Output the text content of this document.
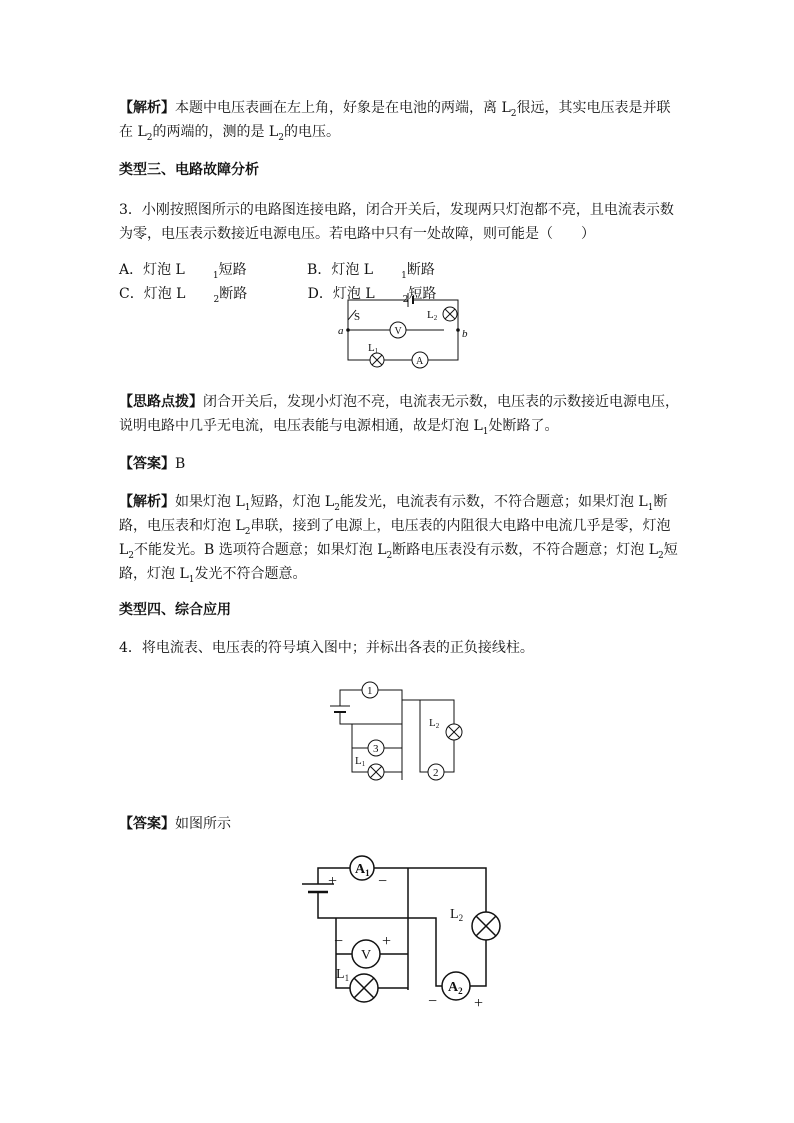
【解析】本题中电压表画在左上角，好象是在电池的两端，离 $L_2$很远，其实电压表是并联在 $L_2$的两端的，测的是 $L_2$的电压。

类型三、电路故障分析

3．小刚按照图所示的电路图连接电路，闭合开关后，发现两只灯泡都不亮，且电流表示数为零，电压表示数接近电源电压。若电路中只有一处故障，则可能是（　　）

A．灯泡 L	$_1$短路	B．灯泡 L	$_1$断路 C．灯泡 L	$_2$断路	D．灯泡 L	$_2$短路

S
V
A
L2
L1
a	b

【思路点拨】闭合开关后，发现小灯泡不亮，电流表无示数，电压表的示数接近电源电压，说明电路中几乎无电流，电压表能与电源相通，故是灯泡 $L_1$处断路了。

【答案】B

【解析】如果灯泡 $L_1$短路，灯泡 $L_2$能发光，电流表有示数，不符合题意；如果灯泡 $L_1$断路，电压表和灯泡 $L_2$串联，接到了电源上，电压表的内阻很大电路中电流几乎是零，灯泡 $L_2$不能发光。B 选项符合题意；如果灯泡 $L_2$断路电压表没有示数，不符合题意；灯泡 $L_2$短路，灯泡 $L_1$发光不符合题意。

类型四、综合应用

4．将电流表、电压表的符号填入图中；并标出各表的正负接线柱。

1
2
3
L2
L1

【答案】如图所示

$A_1$
$A_2$
V
$L_2$
$L_1$
+	−
− +
− +
